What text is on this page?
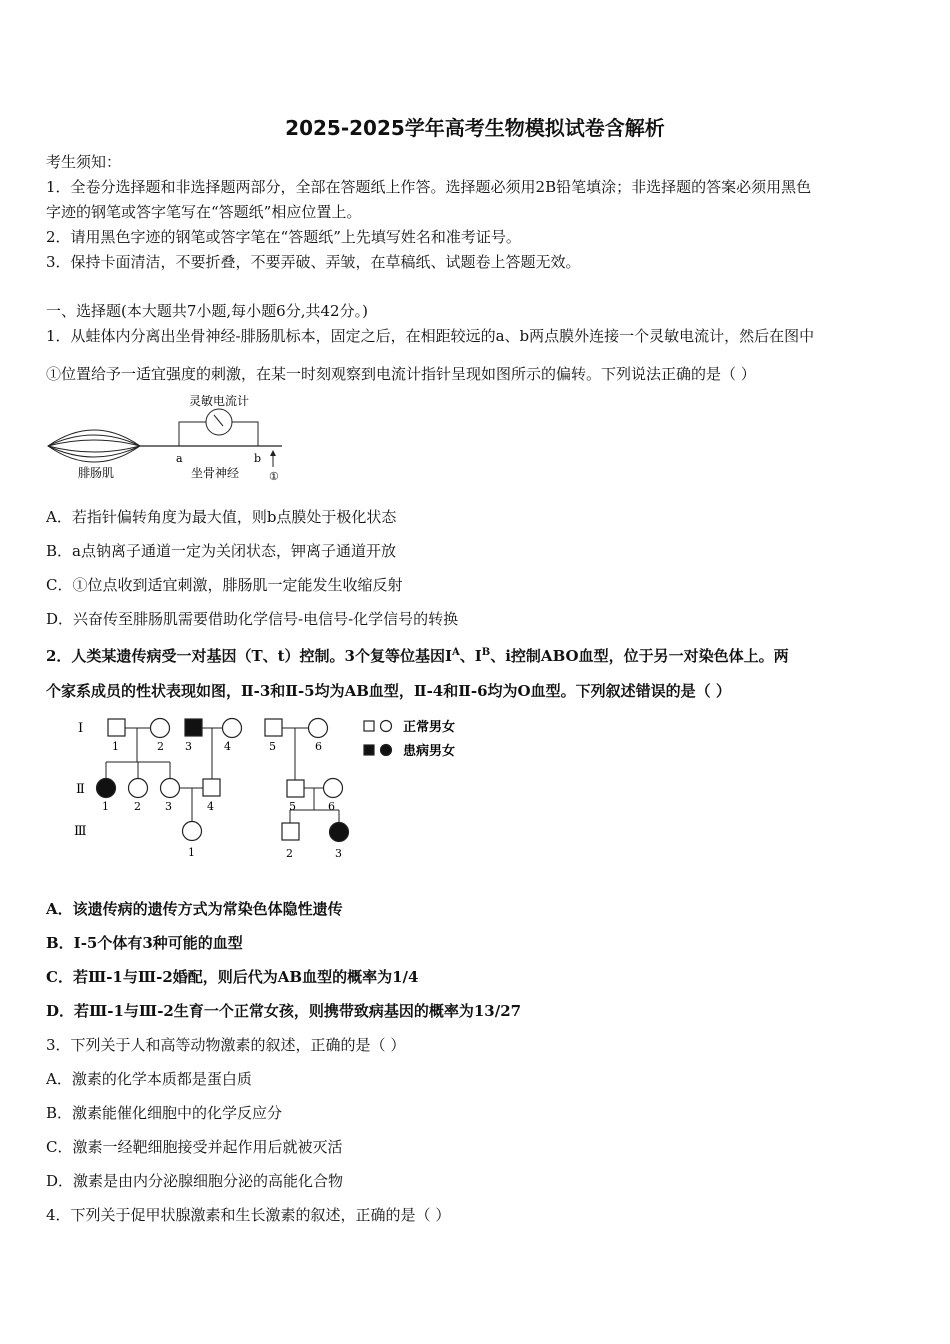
2025-2025学年高考生物模拟试卷含解析
考生须知：
1．全卷分选择题和非选择题两部分，全部在答题纸上作答。选择题必须用2B铅笔填涂；非选择题的答案必须用黑色
字迹的钢笔或答字笔写在“答题纸”相应位置上。
2．请用黑色字迹的钢笔或答字笔在“答题纸”上先填写姓名和准考证号。
3．保持卡面清洁，不要折叠，不要弄破、弄皱，在草稿纸、试题卷上答题无效。
一、选择题(本大题共7小题,每小题6分,共42分。)
1．从蛙体内分离出坐骨神经-腓肠肌标本，固定之后，在相距较远的a、b两点膜外连接一个灵敏电流计，然后在图中
①位置给予一适宜强度的刺激，在某一时刻观察到电流计指针呈现如图所示的偏转。下列说法正确的是（ ）
灵敏电流计
腓肠肌	坐骨神经
a	b
①
A．若指针偏转角度为最大值，则b点膜处于极化状态
B．a点钠离子通道一定为关闭状态，钾离子通道开放
C．①位点收到适宜刺激，腓肠肌一定能发生收缩反射
D．兴奋传至腓肠肌需要借助化学信号-电信号-化学信号的转换
2．人类某遗传病受一对基因（T、t）控制。3个复等位基因Ⅰ$^A$、Ⅰ$^B$、i控制ABO血型，位于另一对染色体上。两
个家系成员的性状表现如图，Ⅱ-3和Ⅱ-5均为AB血型，Ⅱ-4和Ⅱ-6均为O血型。下列叙述错误的是（ ）
Ⅰ
Ⅱ
Ⅲ
正常男女
患病男女
1	2 3	4	5	6
1 2 3	4	5	6
1	2	3
A．该遗传病的遗传方式为常染色体隐性遗传
B．Ⅰ-5个体有3种可能的血型
C．若Ⅲ-1与Ⅲ-2婚配，则后代为AB血型的概率为1/4
D．若Ⅲ-1与Ⅲ-2生育一个正常女孩，则携带致病基因的概率为13/27
3．下列关于人和高等动物激素的叙述，正确的是（ ）
A．激素的化学本质都是蛋白质
B．激素能催化细胞中的化学反应分
C．激素一经靶细胞接受并起作用后就被灭活
D．激素是由内分泌腺细胞分泌的高能化合物
4．下列关于促甲状腺激素和生长激素的叙述，正确的是（ ）
